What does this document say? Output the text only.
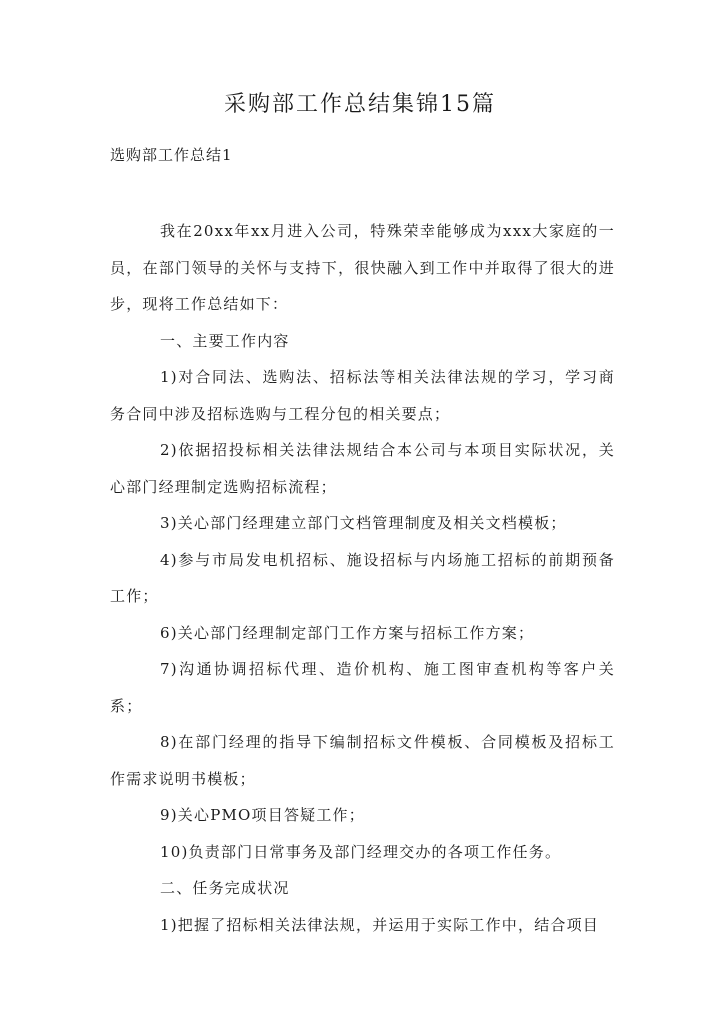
采购部工作总结集锦15篇
选购部工作总结1

我在20xx年xx月进入公司，特殊荣幸能够成为xxx大家庭的一员，在部门领导的关怀与支持下，很快融入到工作中并取得了很大的进步，现将工作总结如下：

一、主要工作内容

1)对合同法、选购法、招标法等相关法律法规的学习，学习商务合同中涉及招标选购与工程分包的相关要点；

2)依据招投标相关法律法规结合本公司与本项目实际状况，关心部门经理制定选购招标流程；

3)关心部门经理建立部门文档管理制度及相关文档模板；

4)参与市局发电机招标、施设招标与内场施工招标的前期预备工作；

6)关心部门经理制定部门工作方案与招标工作方案；

7)沟通协调招标代理、造价机构、施工图审查机构等客户关系；

8)在部门经理的指导下编制招标文件模板、合同模板及招标工作需求说明书模板；

9)关心PMO项目答疑工作；

10)负责部门日常事务及部门经理交办的各项工作任务。

二、任务完成状况

1)把握了招标相关法律法规，并运用于实际工作中，结合项目
